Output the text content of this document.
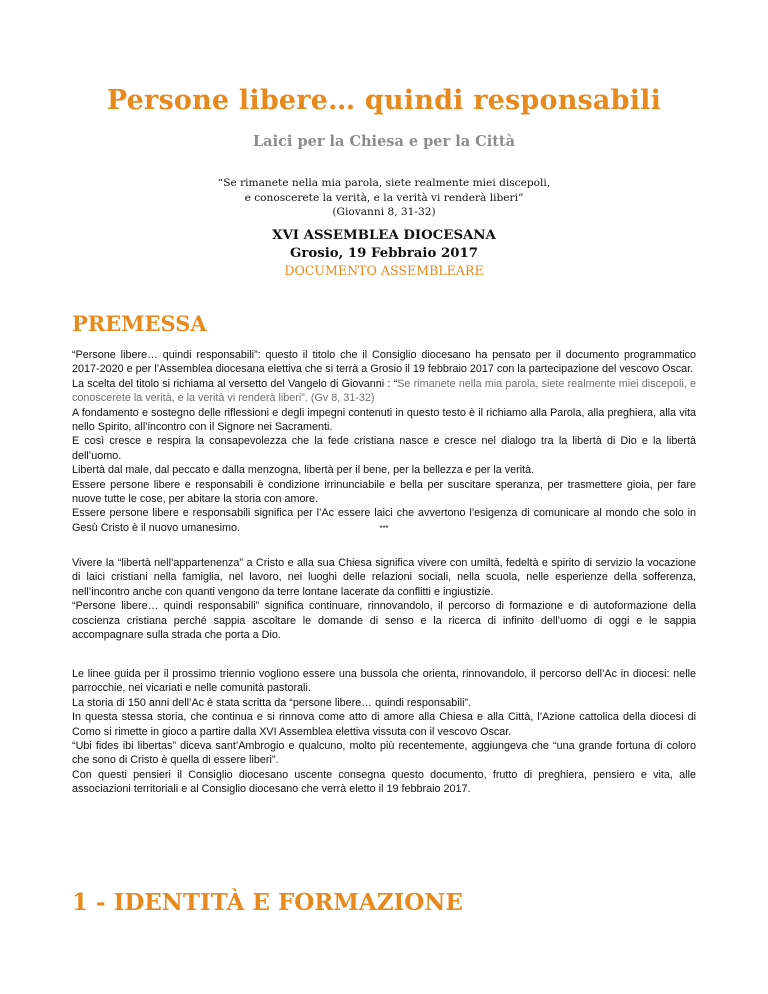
Persone libere… quindi responsabili
Laici per la Chiesa e per la Città
“Se rimanete nella mia parola, siete realmente miei discepoli,
e conoscerete la verità, e la verità vi renderà liberi”
(Giovanni 8, 31-32)
XVI ASSEMBLEA DIOCESANA
Grosio, 19 Febbraio 2017
DOCUMENTO ASSEMBLEARE
PREMESSA

“Persone libere… quindi responsabili”: questo il titolo che il Consiglio diocesano ha pensato per il documento programmatico 2017-2020 e per l’Assemblea diocesana elettiva che si terrà a Grosio il 19 febbraio 2017 con la partecipazione del vescovo Oscar.

La scelta del titolo si richiama al versetto del Vangelo di Giovanni : “Se rimanete nella mia parola, siete realmente miei discepoli, e conoscerete la verità, e la verità vi renderà liberi”. (Gv 8, 31-32)

A fondamento e sostegno delle riflessioni e degli impegni contenuti in questo testo è il richiamo alla Parola, alla preghiera, alla vita nello Spirito, all’incontro con il Signore nei Sacramenti.

E così cresce e respira la consapevolezza che la fede cristiana nasce e cresce nel dialogo tra la libertà di Dio e la libertà dell’uomo.

Libertà dal male, dal peccato e dalla menzogna, libertà per il bene, per la bellezza e per la verità.

Essere persone libere e responsabili è condizione irrinunciabile e bella per suscitare speranza, per trasmettere gioia, per fare nuove tutte le cose, per abitare la storia con amore.

Essere persone libere e responsabili significa per l’Ac essere laici che avvertono l’esigenza di comunicare al mondo che solo in Gesù Cristo è il nuovo umanesimo.	***

Vivere la “libertà nell’appartenenza” a Cristo e alla sua Chiesa significa vivere con umiltà, fedeltà e spirito di servizio la vocazione di laici cristiani nella famiglia, nel lavoro, nei luoghi delle relazioni sociali, nella scuola, nelle esperienze della sofferenza, nell’incontro anche con quanti vengono da terre lontane lacerate da conflitti e ingiustizie.

“Persone libere… quindi responsabili” significa continuare, rinnovandolo, il percorso di formazione e di autoformazione della coscienza cristiana perché sappia ascoltare le domande di senso e la ricerca di infinito dell’uomo di oggi e le sappia accompagnare sulla strada che porta a Dio.

Le linee guida per il prossimo triennio vogliono essere una bussola che orienta, rinnovandolo, il percorso dell’Ac in diocesi: nelle parrocchie, nei vicariati e nelle comunità pastorali.

La storia di 150 anni dell’Ac è stata scritta da “persone libere… quindi responsabili”.

In questa stessa storia, che continua e si rinnova come atto di amore alla Chiesa e alla Città, l’Azione cattolica della diocesi di Como si rimette in gioco a partire dalla XVI Assemblea elettiva vissuta con il vescovo Oscar.

“Ubi fides ibi libertas” diceva sant’Ambrogio e qualcuno, molto più recentemente, aggiungeva che “una grande fortuna di coloro che sono di Cristo è quella di essere liberi”.

Con questi pensieri il Consiglio diocesano uscente consegna questo documento, frutto di preghiera, pensiero e vita, alle associazioni territoriali e al Consiglio diocesano che verrà eletto il 19 febbraio 2017.

1 - IDENTITÀ E FORMAZIONE
